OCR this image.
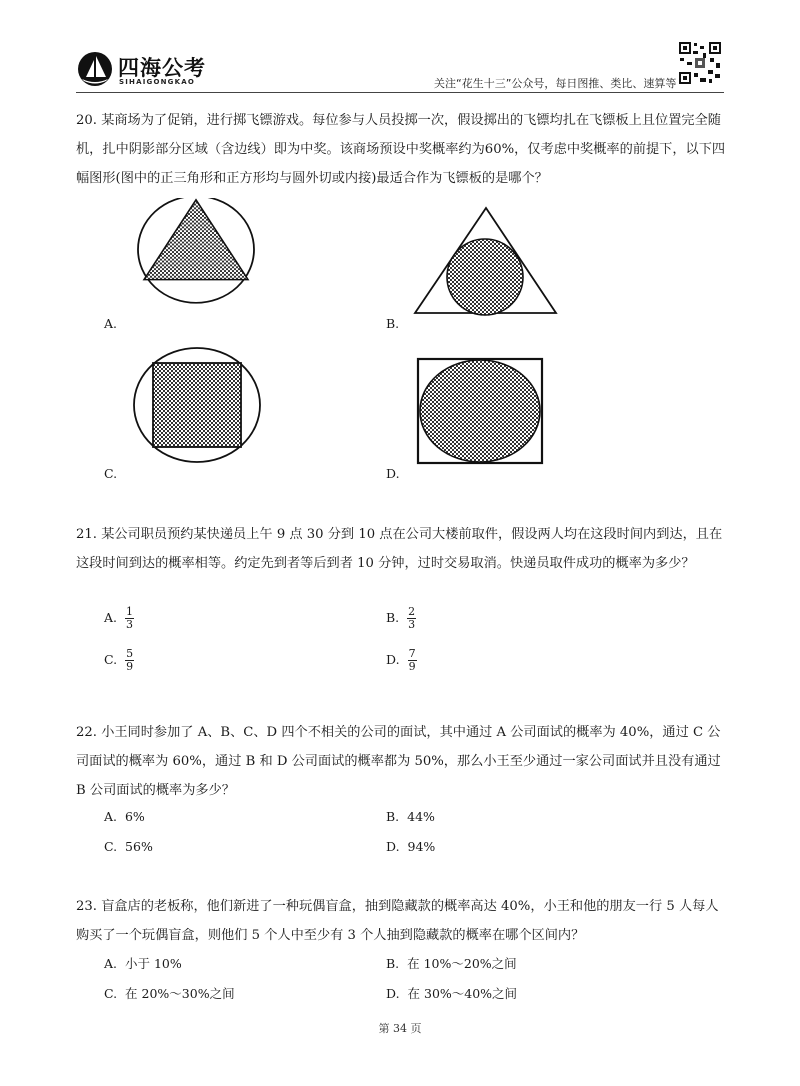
四海公考
SIHAIGONGKAO	关注“花生十三”公众号，每日图推、类比、速算等
20. 某商场为了促销，进行掷飞镖游戏。每位参与人员投掷一次，假设掷出的飞镖均扎在飞镖板上且位置完全随机，扎中阴影部分区域（含边线）即为中奖。该商场预设中奖概率约为60%，仅考虑中奖概率的前提下，以下四幅图形(图中的正三角形和正方形均与圆外切或内接)最适合作为飞镖板的是哪个？
A.	B.
C.	D.
21. 某公司职员预约某快递员上午 9 点 30 分到 10 点在公司大楼前取件，假设两人均在这段时间内到达，且在这段时间到达的概率相等。约定先到者等后到者 10 分钟，过时交易取消。快递员取件成功的概率为多少？
A. $\frac{1}{3}$	B. $\frac{2}{3}$
C. $\frac{5}{9}$	D. $\frac{7}{9}$
22. 小王同时参加了 A、B、C、D 四个不相关的公司的面试，其中通过 A 公司面试的概率为 40%，通过 C 公司面试的概率为 60%，通过 B 和 D 公司面试的概率都为 50%，那么小王至少通过一家公司面试并且没有通过 B 公司面试的概率为多少？
A. 6%	B. 44%
C. 56%	D. 94%
23. 盲盒店的老板称，他们新进了一种玩偶盲盒，抽到隐藏款的概率高达 40%，小王和他的朋友一行 5 人每人购买了一个玩偶盲盒，则他们 5 个人中至少有 3 个人抽到隐藏款的概率在哪个区间内？
A. 小于 10%	B. 在 10%～20%之间
C. 在 20%～30%之间	D. 在 30%～40%之间
第 34 页
